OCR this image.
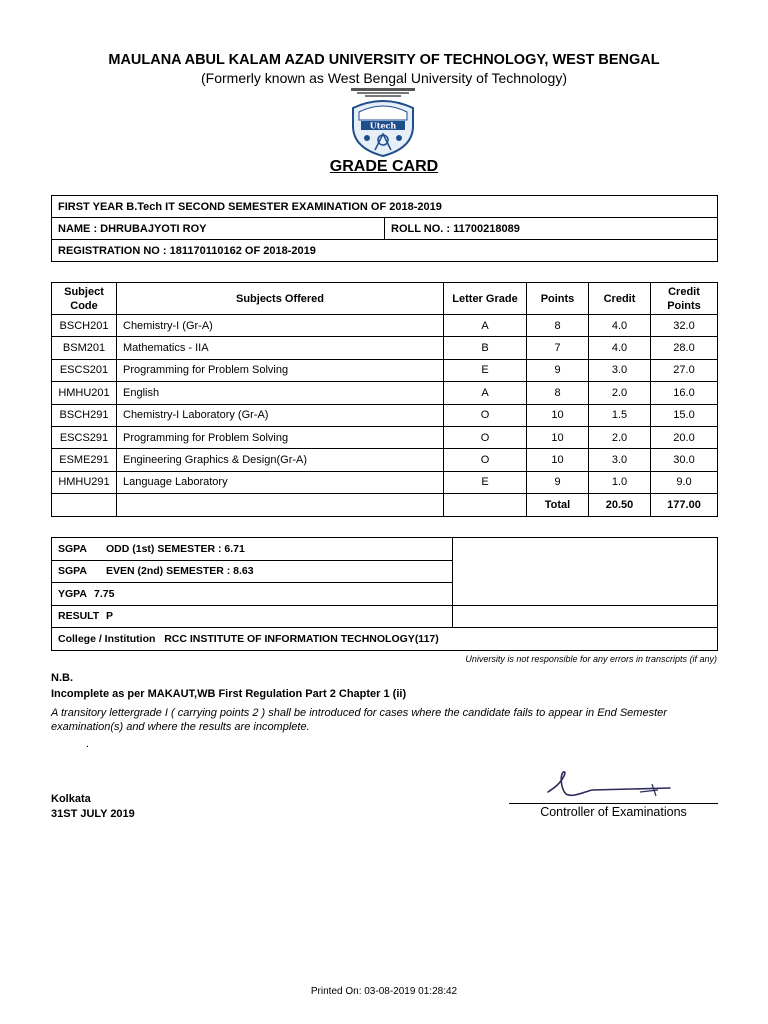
MAULANA ABUL KALAM AZAD UNIVERSITY OF TECHNOLOGY, WEST BENGAL
(Formerly known as West Bengal University of Technology)
Utech
GRADE CARD
FIRST YEAR B.Tech IT SECOND SEMESTER EXAMINATION OF 2018-2019
NAME : DHRUBAJYOTI ROY	ROLL NO. : 11700218089
REGISTRATION NO : 181170110162 OF 2018-2019
Subject Code	Subjects Offered	Letter Grade	Points	Credit	Credit Points
BSCH201	Chemistry-I (Gr-A)	A	8	4.0	32.0
BSM201	Mathematics - IIA	B	7	4.0	28.0
ESCS201	Programming for Problem Solving	E	9	3.0	27.0
HMHU201	English	A	8	2.0	16.0
BSCH291	Chemistry-I Laboratory (Gr-A)	O	10	1.5	15.0
ESCS291	Programming for Problem Solving	O	10	2.0	20.0
ESME291	Engineering Graphics & Design(Gr-A)	O	10	3.0	30.0
HMHU291	Language Laboratory	E	9	1.0	9.0
			Total	20.50	177.00
SGPA ODD (1st) SEMESTER : 6.71	
SGPA EVEN (2nd) SEMESTER : 8.63	
YGPA 7.75	
RESULT P	
College / Institution RCC INSTITUTE OF INFORMATION TECHNOLOGY(117)	
University is not responsible for any errors in transcripts (if any)
N.B.
Incomplete as per MAKAUT,WB First Regulation Part 2 Chapter 1 (ii)
A transitory lettergrade I ( carrying points 2 ) shall be introduced for cases where the candidate fails to appear in End Semester examination(s) and where the results are incomplete.
.
Kolkata
31ST JULY 2019	Controller of Examinations
Printed On: 03-08-2019 01:28:42
